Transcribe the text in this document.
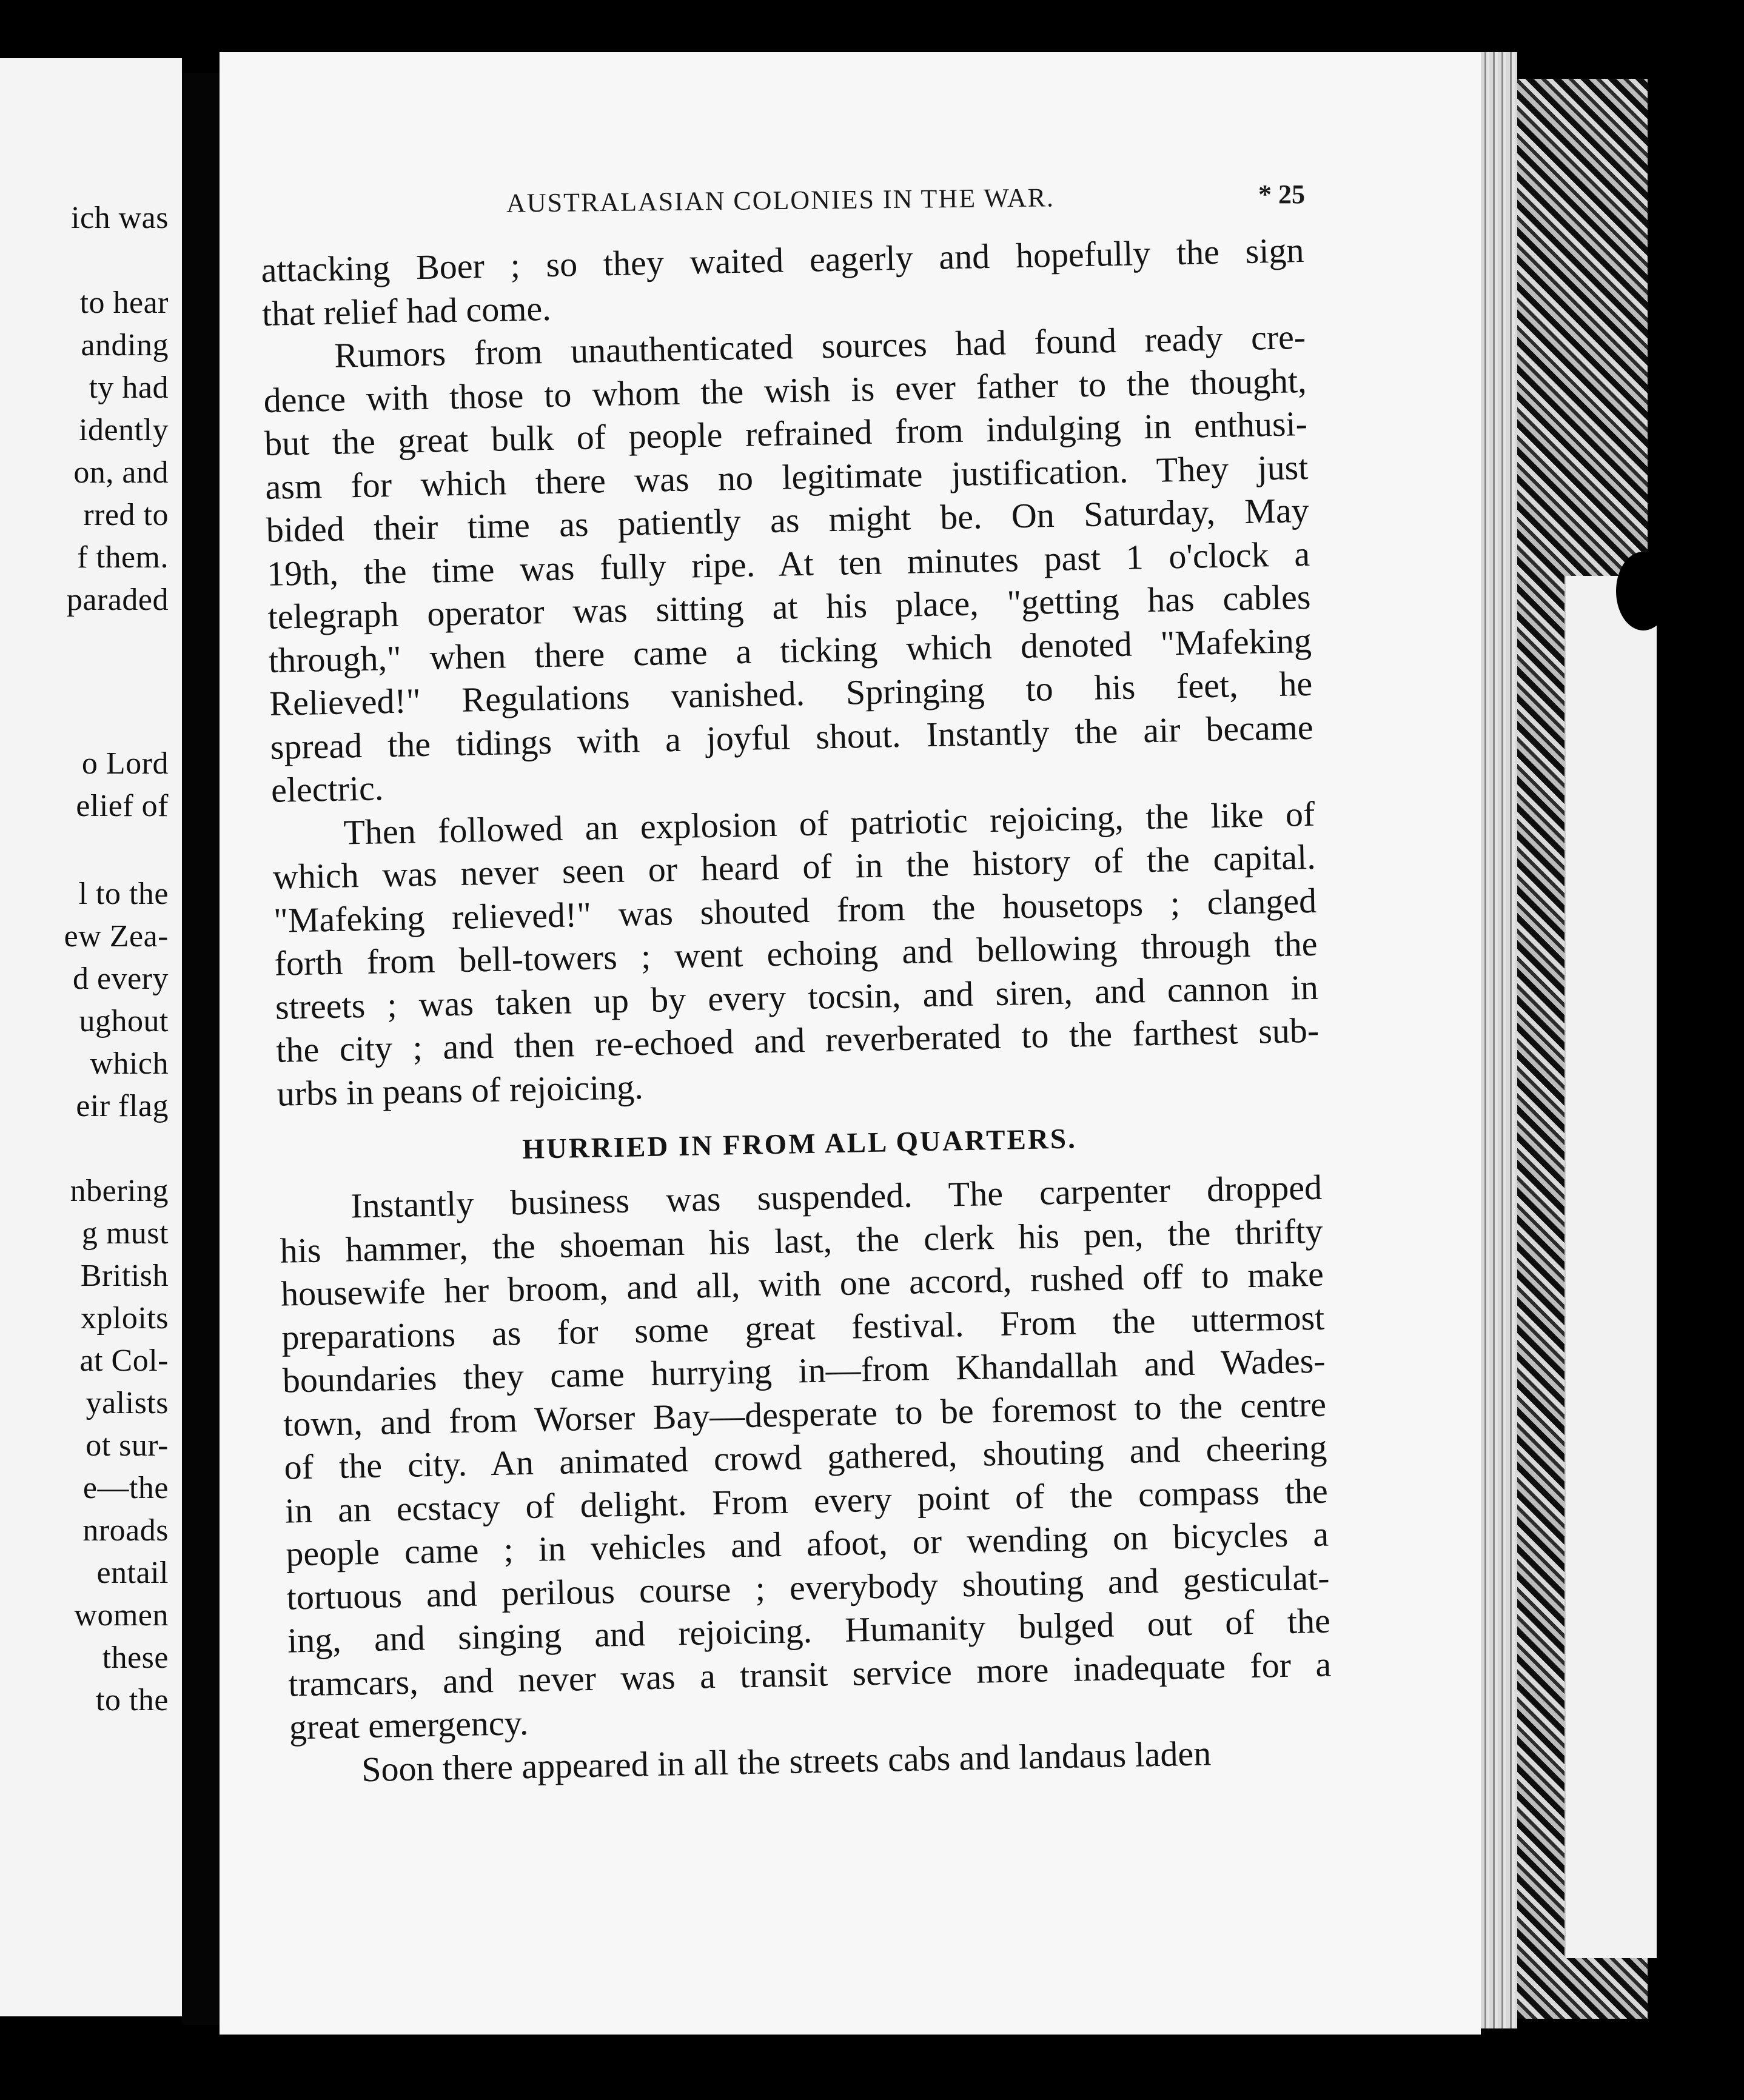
ich was
to hear
anding
ty had
idently
on, and
rred to
f them.
paraded
o Lord
elief of
l to the
ew Zea-
d every
ughout
which
eir flag
nbering
g must
British
xploits
at Col-
yalists
ot sur-
e—the
nroads
entail
women
these
to the
AUSTRALASIAN COLONIES IN THE WAR.	* 25
attacking Boer ; so they waited eagerly and hopefully the sign
that relief had come.
Rumors from unauthenticated sources had found ready cre-
dence with those to whom the wish is ever father to the thought,
but the great bulk of people refrained from indulging in enthusi-
asm for which there was no legitimate justification. They just
bided their time as patiently as might be. On Saturday, May
19th, the time was fully ripe. At ten minutes past 1 o'clock a
telegraph operator was sitting at his place, "getting has cables
through," when there came a ticking which denoted "Mafeking
Relieved!" Regulations vanished. Springing to his feet, he
spread the tidings with a joyful shout. Instantly the air became
electric.
Then followed an explosion of patriotic rejoicing, the like of
which was never seen or heard of in the history of the capital.
"Mafeking relieved!" was shouted from the housetops ; clanged
forth from bell-towers ; went echoing and bellowing through the
streets ; was taken up by every tocsin, and siren, and cannon in
the city ; and then re-echoed and reverberated to the farthest sub-
urbs in peans of rejoicing.
HURRIED IN FROM ALL QUARTERS.
Instantly business was suspended. The carpenter dropped
his hammer, the shoeman his last, the clerk his pen, the thrifty
housewife her broom, and all, with one accord, rushed off to make
preparations as for some great festival. From the uttermost
boundaries they came hurrying in—from Khandallah and Wades-
town, and from Worser Bay—desperate to be foremost to the centre
of the city. An animated crowd gathered, shouting and cheering
in an ecstacy of delight. From every point of the compass the
people came ; in vehicles and afoot, or wending on bicycles a
tortuous and perilous course ; everybody shouting and gesticulat-
ing, and singing and rejoicing. Humanity bulged out of the
tramcars, and never was a transit service more inadequate for a
great emergency.
Soon there appeared in all the streets cabs and landaus laden
